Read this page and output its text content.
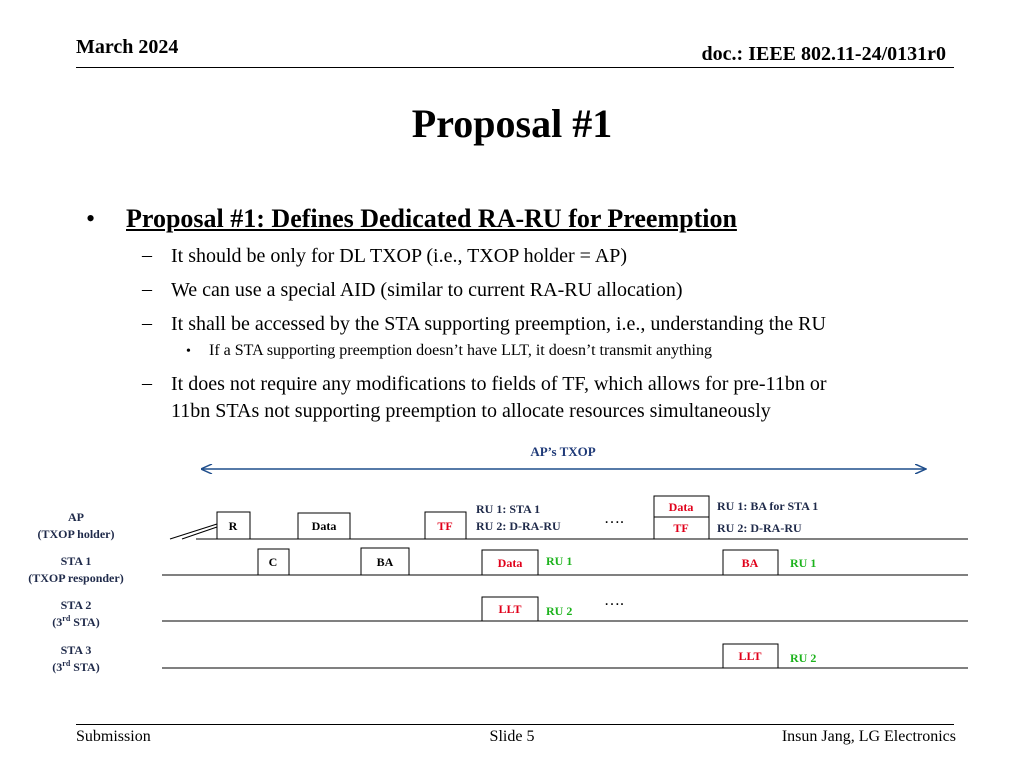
March 2024	doc.: IEEE 802.11-24/0131r0
Proposal #1
• Proposal #1: Defines Dedicated RA-RU for Preemption
– It should be only for DL TXOP (i.e., TXOP holder = AP)
– We can use a special AID (similar to current RA-RU allocation)
– It shall be accessed by the STA supporting preemption, i.e., understanding the RU
• If a STA supporting preemption doesn’t have LLT, it doesn’t transmit anything
– It does not require any modifications to fields of TF, which allows for pre-11bn or
11bn STAs not supporting preemption to allocate resources simultaneously
AP’s TXOP
AP
(TXOP holder)
STA 1
(TXOP responder)
STA 2
(3rd STA)
STA 3
(3rd STA)
R	Data	TF
Data
TF
C	BA	Data	BA
LLT
LLT
RU 1: STA 1
RU 2: D-RA-RU
RU 1: BA for STA 1
RU 2: D-RA-RU
….
….
RU 1
RU 2
RU 1
RU 2
Submission	Slide 5	Insun Jang, LG Electronics
